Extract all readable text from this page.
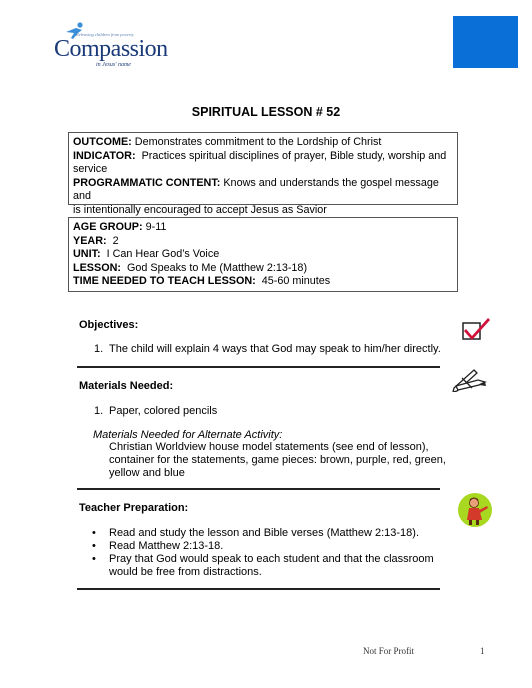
Releasing children from poverty
Compassion
in Jesus' name
SPIRITUAL LESSON # 52
OUTCOME: Demonstrates commitment to the Lordship of Christ
INDICATOR: Practices spiritual disciplines of prayer, Bible study, worship and
service
PROGRAMMATIC CONTENT: Knows and understands the gospel message and
is intentionally encouraged to accept Jesus as Savior
AGE GROUP: 9-11
YEAR: 2
UNIT: I Can Hear God’s Voice
LESSON: God Speaks to Me (Matthew 2:13-18)
TIME NEEDED TO TEACH LESSON: 45-60 minutes
Objectives:
1. The child will explain 4 ways that God may speak to him/her directly.
Materials Needed:
1. Paper, colored pencils
Materials Needed for Alternate Activity:
Christian Worldview house model statements (see end of lesson),
container for the statements, game pieces: brown, purple, red, green,
yellow and blue
Teacher Preparation:
• Read and study the lesson and Bible verses (Matthew 2:13-18).
• Read Matthew 2:13-18.
• Pray that God would speak to each student and that the classroom
would be free from distractions.
Not For Profit	1
